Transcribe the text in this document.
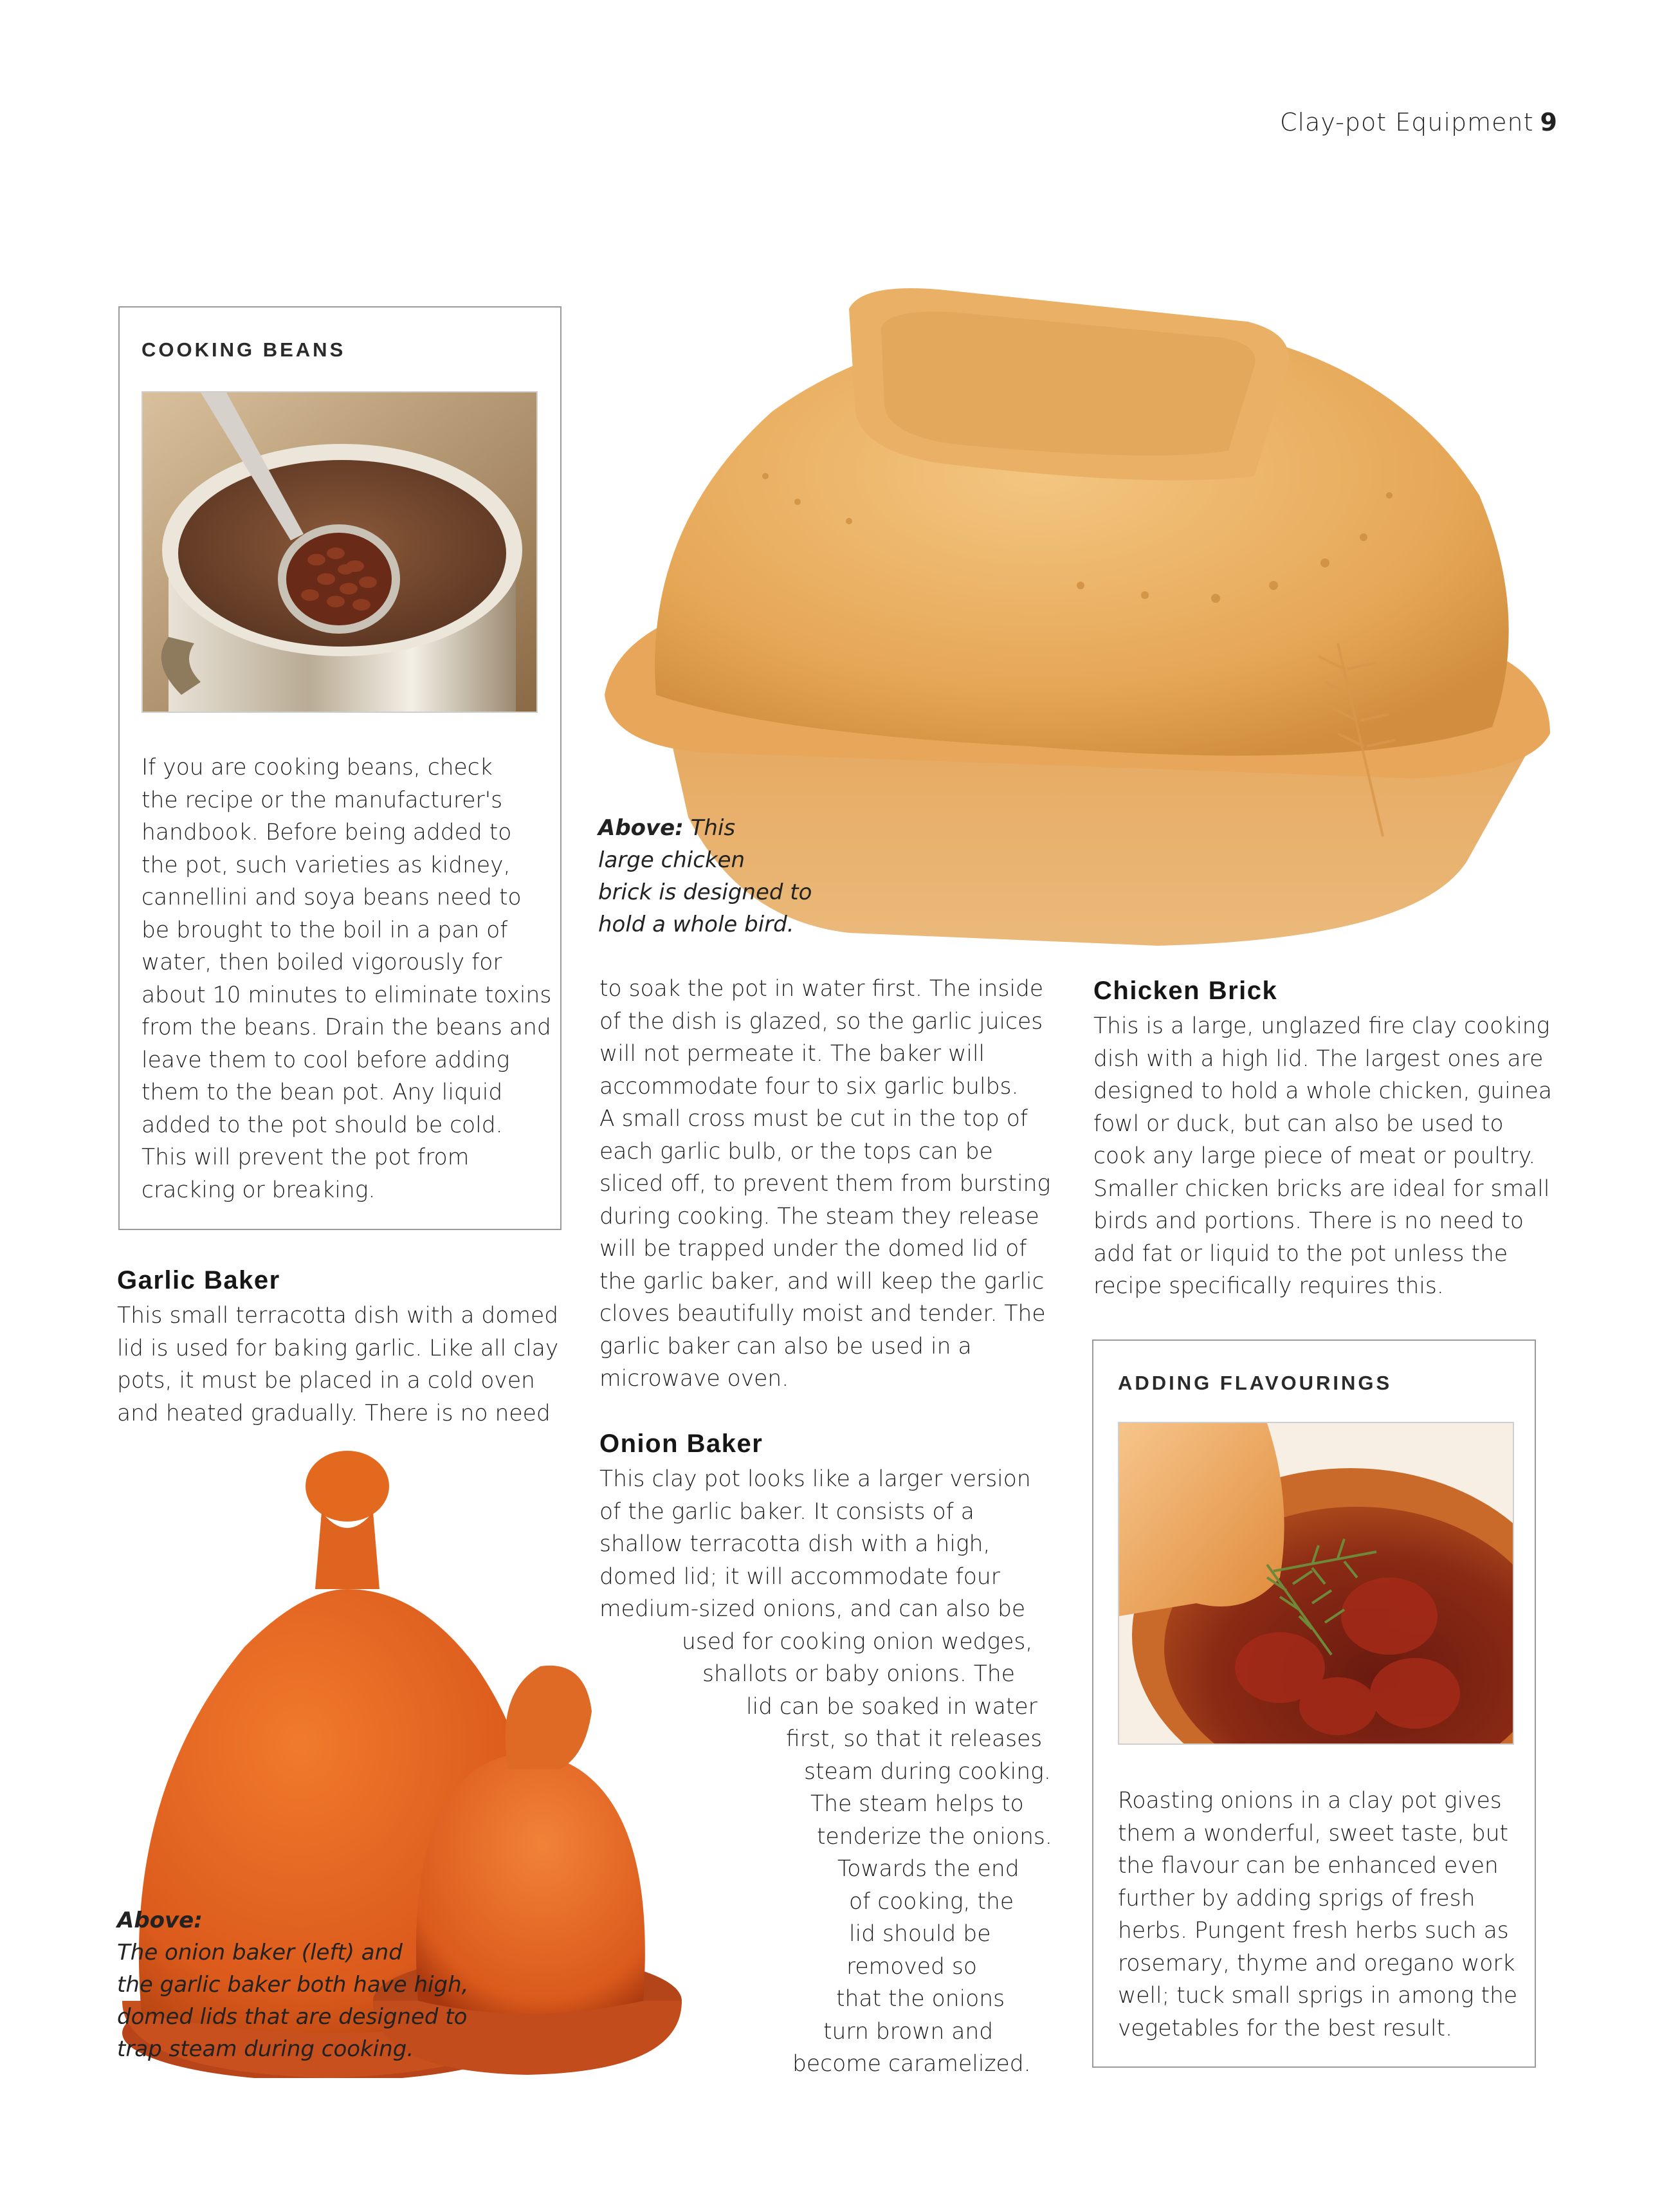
Clay-pot Equipment 9
COOKING BEANS
If you are cooking beans, check
the recipe or the manufacturer's
handbook. Before being added to
the pot, such varieties as kidney,
cannellini and soya beans need to
be brought to the boil in a pan of
water, then boiled vigorously for
about 10 minutes to eliminate toxins
from the beans. Drain the beans and
leave them to cool before adding
them to the bean pot. Any liquid
added to the pot should be cold.
This will prevent the pot from
cracking or breaking.
Above: This
large chicken
brick is designed to
hold a whole bird.
Garlic Baker
This small terracotta dish with a domed
lid is used for baking garlic. Like all clay
pots, it must be placed in a cold oven
and heated gradually. There is no need
to soak the pot in water first. The inside
of the dish is glazed, so the garlic juices
will not permeate it. The baker will
accommodate four to six garlic bulbs.
A small cross must be cut in the top of
each garlic bulb, or the tops can be
sliced off, to prevent them from bursting
during cooking. The steam they release
will be trapped under the domed lid of
the garlic baker, and will keep the garlic
cloves beautifully moist and tender. The
garlic baker can also be used in a
microwave oven.
Above:
The onion baker (left) and
the garlic baker both have high,
domed lids that are designed to
trap steam during cooking.
Onion Baker
This clay pot looks like a larger version
of the garlic baker. It consists of a
shallow terracotta dish with a high,
domed lid; it will accommodate four
medium-sized onions, and can also be
used for cooking onion wedges,
shallots or baby onions. The
lid can be soaked in water
first, so that it releases
steam during cooking.
The steam helps to
tenderize the onions.
Towards the end
of cooking, the
lid should be
removed so
that the onions
turn brown and
become caramelized.
Chicken Brick
This is a large, unglazed fire clay cooking
dish with a high lid. The largest ones are
designed to hold a whole chicken, guinea
fowl or duck, but can also be used to
cook any large piece of meat or poultry.
Smaller chicken bricks are ideal for small
birds and portions. There is no need to
add fat or liquid to the pot unless the
recipe specifically requires this.
ADDING FLAVOURINGS
Roasting onions in a clay pot gives
them a wonderful, sweet taste, but
the flavour can be enhanced even
further by adding sprigs of fresh
herbs. Pungent fresh herbs such as
rosemary, thyme and oregano work
well; tuck small sprigs in among the
vegetables for the best result.
